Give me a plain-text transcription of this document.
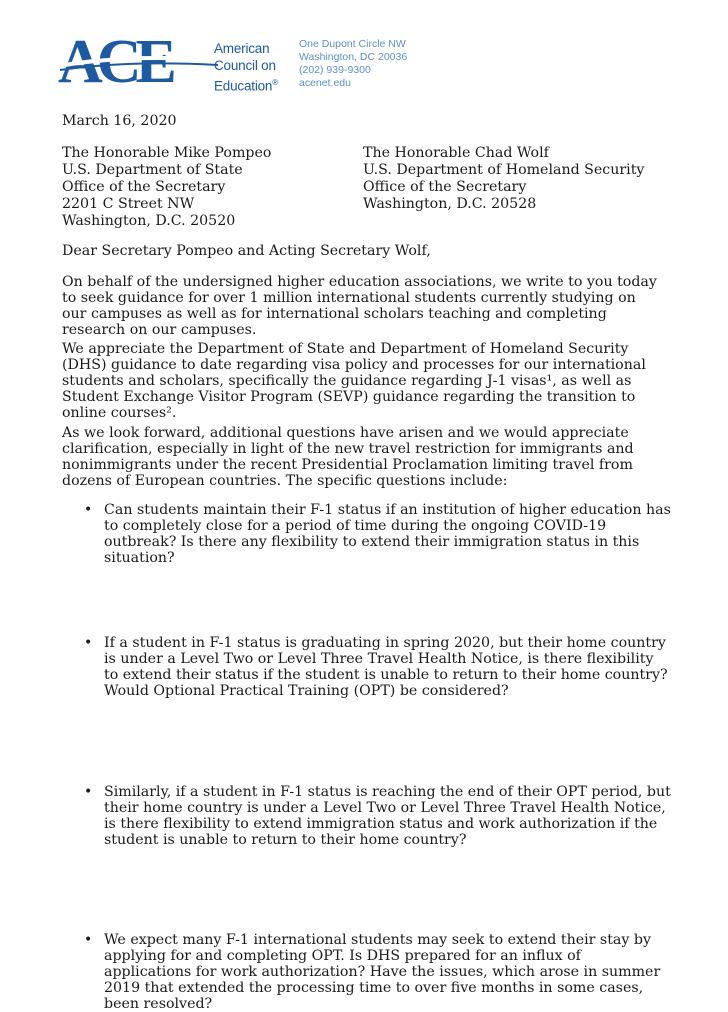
ACE	American
Council on
Education®
One Dupont Circle NW
Washington, DC 20036
(202) 939-9300
acenet.edu
March 16, 2020
The Honorable Mike Pompeo
U.S. Department of State
Office of the Secretary
2201 C Street NW
Washington, D.C. 20520
The Honorable Chad Wolf
U.S. Department of Homeland Security
Office of the Secretary
Washington, D.C. 20528
Dear Secretary Pompeo and Acting Secretary Wolf,

On behalf of the undersigned higher education associations, we write to you today to seek guidance for over 1 million international students currently studying on our campuses as well as for international scholars teaching and completing research on our campuses.

We appreciate the Department of State and Department of Homeland Security (DHS) guidance to date regarding visa policy and processes for our international students and scholars, specifically the guidance regarding J-1 visas¹, as well as Student Exchange Visitor Program (SEVP) guidance regarding the transition to online courses².

As we look forward, additional questions have arisen and we would appreciate clarification, especially in light of the new travel restriction for immigrants and nonimmigrants under the recent Presidential Proclamation limiting travel from dozens of European countries. The specific questions include:

• Can students maintain their F-1 status if an institution of higher education has to completely close for a period of time during the ongoing COVID-19 outbreak? Is there any flexibility to extend their immigration status in this situation?
• If a student in F-1 status is graduating in spring 2020, but their home country is under a Level Two or Level Three Travel Health Notice, is there flexibility to extend their status if the student is unable to return to their home country? Would Optional Practical Training (OPT) be considered?
• Similarly, if a student in F-1 status is reaching the end of their OPT period, but their home country is under a Level Two or Level Three Travel Health Notice, is there flexibility to extend immigration status and work authorization if the student is unable to return to their home country?
• We expect many F-1 international students may seek to extend their stay by applying for and completing OPT. Is DHS prepared for an influx of applications for work authorization? Have the issues, which arose in summer 2019 that extended the processing time to over five months in some cases, been resolved?
